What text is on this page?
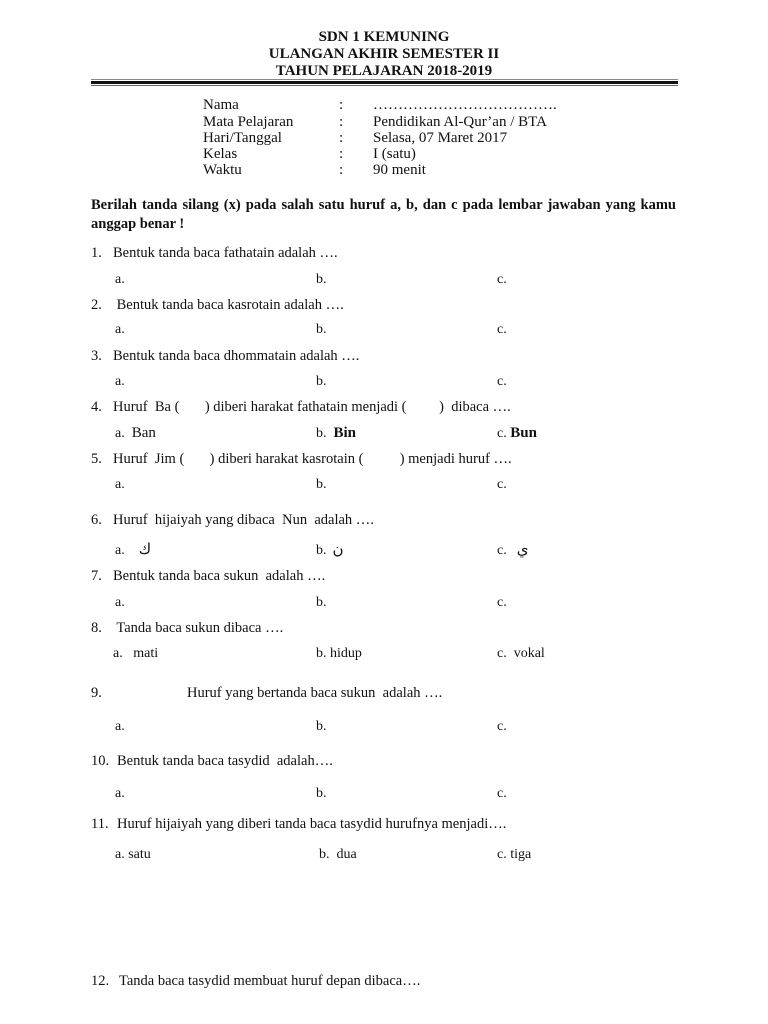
SDN 1 KEMUNING
ULANGAN AKHIR SEMESTER II
TAHUN PELAJARAN 2018-2019
Nama	: ……………………………….
Mata Pelajaran	: Pendidikan Al-Qur’an / BTA
Hari/Tanggal	: Selasa, 07 Maret 2017
Kelas	: I (satu)
Waktu	: 90 menit
Berilah tanda silang (x) pada salah satu huruf a, b, dan c pada lembar jawaban yang kamu anggap benar !
1. Bentuk tanda baca fathatain adalah ….
a.	b.	c.
2. Bentuk tanda baca kasrotain adalah ….
a.	b.	c.
3. Bentuk tanda baca dhommatain adalah ….
a.	b.	c.
4. Huruf  Ba (       ) diberi harakat fathatain menjadi (         )  dibaca ….
a. Ban	b. Bin	c. Bun
5. Huruf  Jim (       ) diberi harakat kasrotain (          ) menjadi huruf ….
a.	b.	c.
6. Huruf  hijaiyah yang dibaca  Nun  adalah ….
a. ك	b. ن	c. ي
7. Bentuk tanda baca sukun  adalah ….
a.	b.	c.
8. Tanda baca sukun dibaca ….
a. mati	b. hidup	c. vokal
9.	Huruf yang bertanda baca sukun  adalah ….
a.	b.	c.
10. Bentuk tanda baca tasydid  adalah….
a.	b.	c.
11. Huruf hijaiyah yang diberi tanda baca tasydid hurufnya menjadi….
a. satu	b. dua	c. tiga
12. Tanda baca tasydid membuat huruf depan dibaca….
